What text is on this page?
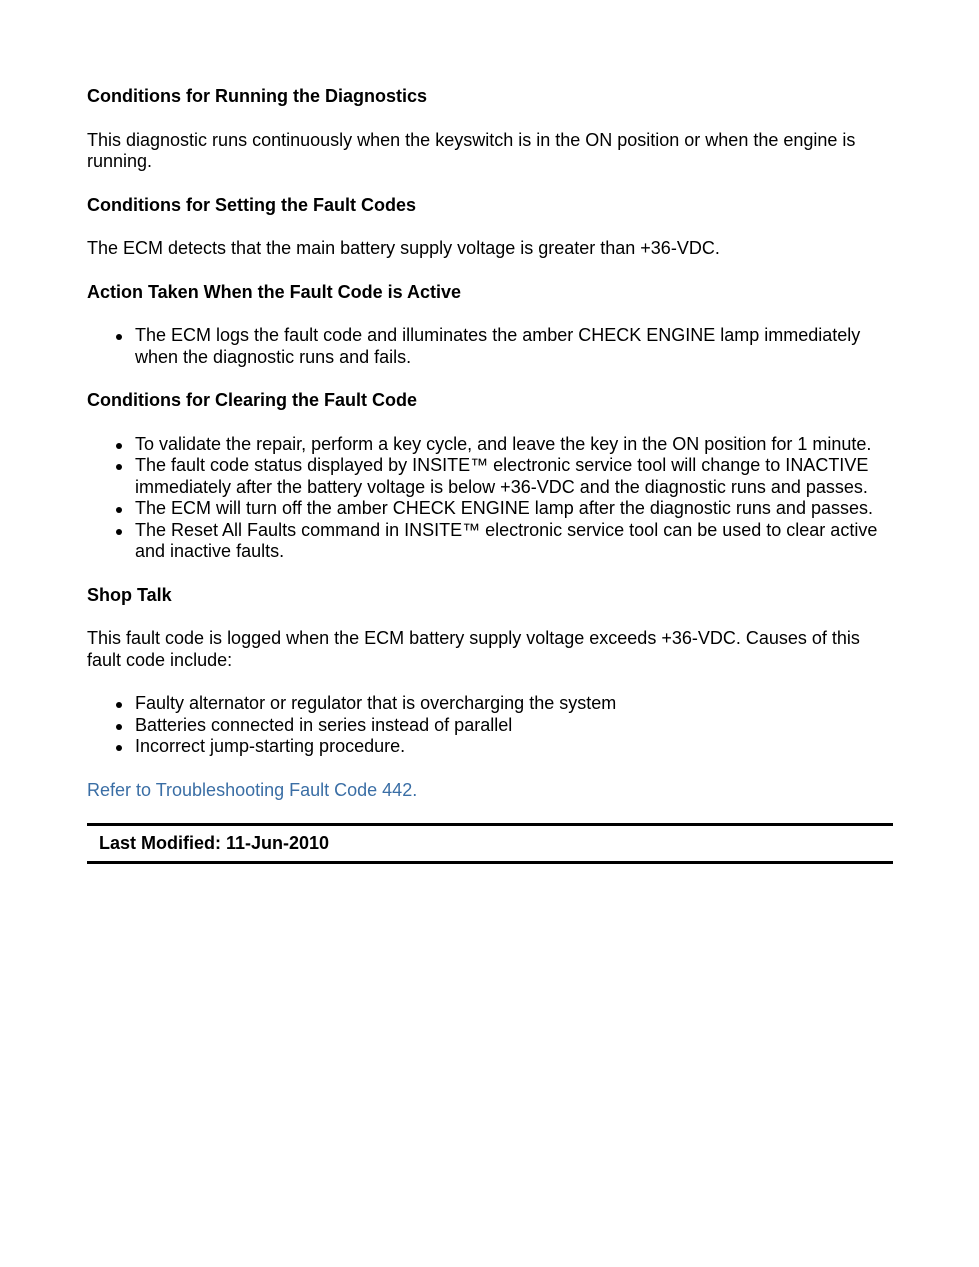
Conditions for Running the Diagnostics
This diagnostic runs continuously when the keyswitch is in the ON position or when the engine is running.
Conditions for Setting the Fault Codes
The ECM detects that the main battery supply voltage is greater than +36-VDC.
Action Taken When the Fault Code is Active
The ECM logs the fault code and illuminates the amber CHECK ENGINE lamp immediately when the diagnostic runs and fails.
Conditions for Clearing the Fault Code
To validate the repair, perform a key cycle, and leave the key in the ON position for 1 minute.
The fault code status displayed by INSITE™ electronic service tool will change to INACTIVE immediately after the battery voltage is below +36-VDC and the diagnostic runs and passes.
The ECM will turn off the amber CHECK ENGINE lamp after the diagnostic runs and passes.
The Reset All Faults command in INSITE™ electronic service tool can be used to clear active and inactive faults.
Shop Talk
This fault code is logged when the ECM battery supply voltage exceeds +36-VDC. Causes of this fault code include:
Faulty alternator or regulator that is overcharging the system
Batteries connected in series instead of parallel
Incorrect jump-starting procedure.
Refer to Troubleshooting Fault Code 442.
Last Modified: 11-Jun-2010
